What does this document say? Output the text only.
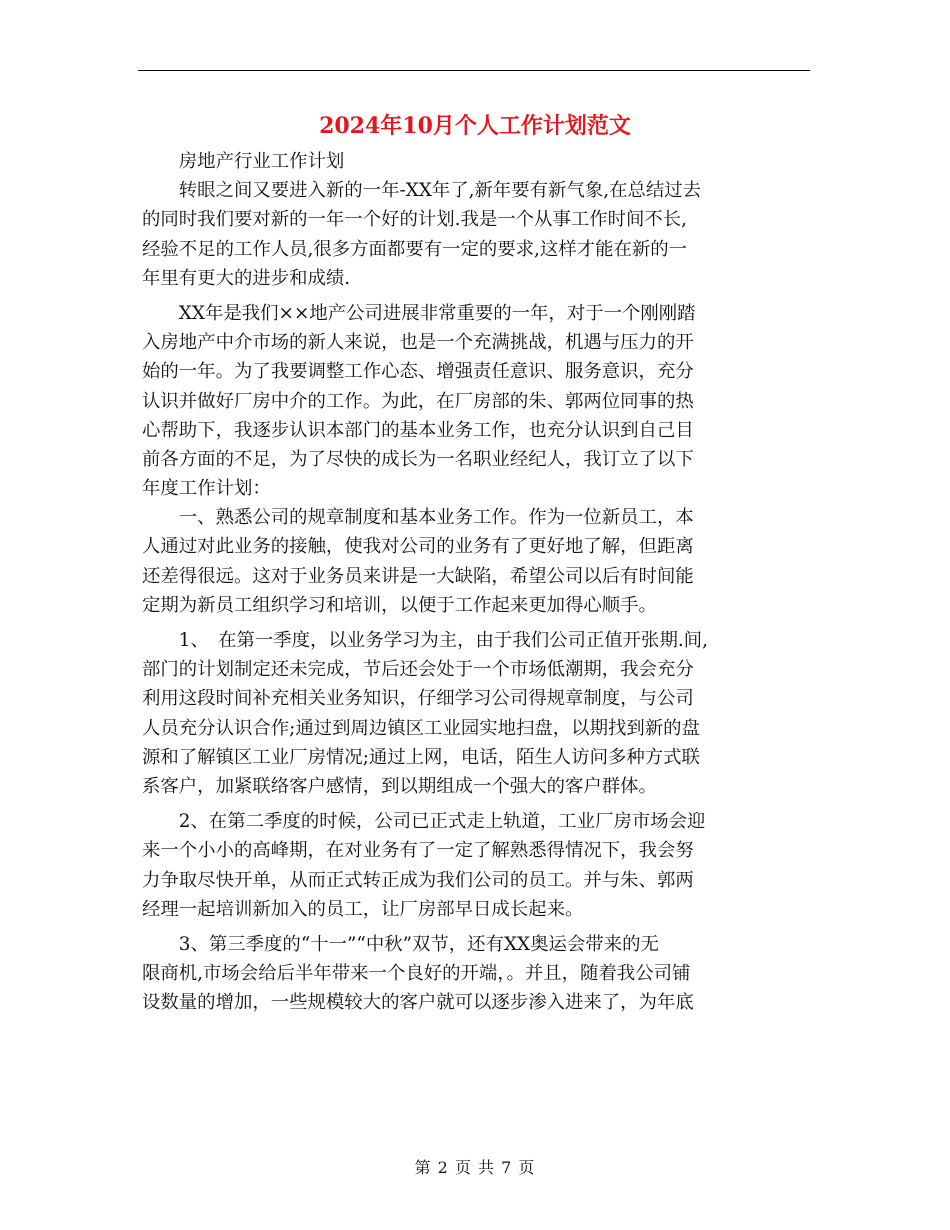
2024年10月个人工作计划范文
　　房地产行业工作计划
　　转眼之间又要进入新的一年-XX年了,新年要有新气象,在总结过去
的同时我们要对新的一年一个好的计划.我是一个从事工作时间不长,
经验不足的工作人员,很多方面都要有一定的要求,这样才能在新的一
年里有更大的进步和成绩.
　　XX年是我们××地产公司进展非常重要的一年，对于一个刚刚踏
入房地产中介市场的新人来说，也是一个充满挑战，机遇与压力的开
始的一年。为了我要调整工作心态、增强责任意识、服务意识，充分
认识并做好厂房中介的工作。为此，在厂房部的朱、郭两位同事的热
心帮助下，我逐步认识本部门的基本业务工作，也充分认识到自己目
前各方面的不足，为了尽快的成长为一名职业经纪人，我订立了以下
年度工作计划：
　　一、熟悉公司的规章制度和基本业务工作。作为一位新员工，本
人通过对此业务的接触，使我对公司的业务有了更好地了解，但距离
还差得很远。这对于业务员来讲是一大缺陷，希望公司以后有时间能
定期为新员工组织学习和培训，以便于工作起来更加得心顺手。
　　1、　在第一季度，以业务学习为主，由于我们公司正值开张期.间,
部门的计划制定还未完成，节后还会处于一个市场低潮期，我会充分
利用这段时间补充相关业务知识，仔细学习公司得规章制度，与公司
人员充分认识合作;通过到周边镇区工业园实地扫盘，以期找到新的盘
源和了解镇区工业厂房情况;通过上网，电话，陌生人访问多种方式联
系客户，加紧联络客户感情，到以期组成一个强大的客户群体。
　　2、在第二季度的时候，公司已正式走上轨道，工业厂房市场会迎
来一个小小的高峰期，在对业务有了一定了解熟悉得情况下，我会努
力争取尽快开单，从而正式转正成为我们公司的员工。并与朱、郭两
经理一起培训新加入的员工，让厂房部早日成长起来。
　　3、第三季度的“十一”“中秋”双节，还有XX奥运会带来的无
限商机,市场会给后半年带来一个良好的开端，。并且，随着我公司铺
设数量的增加，一些规模较大的客户就可以逐步渗入进来了，为年底
第 2 页 共 7 页
